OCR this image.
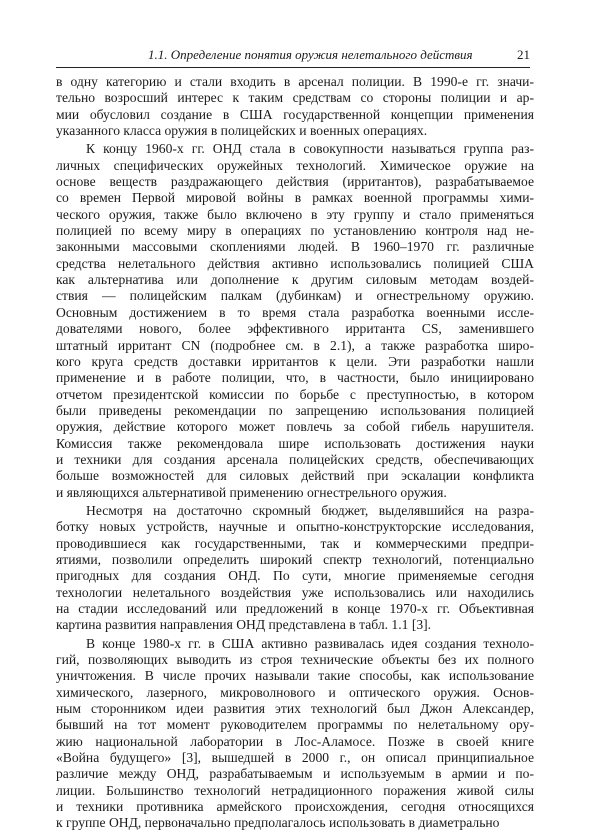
1.1. Определение понятия оружия нелетального действия	21
в одну категорию и стали входить в арсенал полиции. В 1990-е гг. значи-
тельно возросший интерес к таким средствам со стороны полиции и ар-
мии обусловил создание в США государственной концепции применения
указанного класса оружия в полицейских и военных операциях.
К концу 1960-х гг. ОНД стала в совокупности называться группа раз-
личных специфических оружейных технологий. Химическое оружие на
основе веществ раздражающего действия (ирритантов), разрабатываемое
со времен Первой мировой войны в рамках военной программы хими-
ческого оружия, также было включено в эту группу и стало применяться
полицией по всему миру в операциях по установлению контроля над не-
законными массовыми скоплениями людей. В 1960–1970 гг. различные
средства нелетального действия активно использовались полицией США
как альтернатива или дополнение к другим силовым методам воздей-
ствия — полицейским палкам (дубинкам) и огнестрельному оружию.
Основным достижением в то время стала разработка военными иссле-
дователями нового, более эффективного ирританта CS, заменившего
штатный ирритант CN (подробнее см. в 2.1), а также разработка широ-
кого круга средств доставки ирритантов к цели. Эти разработки нашли
применение и в работе полиции, что, в частности, было инициировано
отчетом президентской комиссии по борьбе с преступностью, в котором
были приведены рекомендации по запрещению использования полицией
оружия, действие которого может повлечь за собой гибель нарушителя.
Комиссия также рекомендовала шире использовать достижения науки
и техники для создания арсенала полицейских средств, обеспечивающих
больше возможностей для силовых действий при эскалации конфликта
и являющихся альтернативой применению огнестрельного оружия.
Несмотря на достаточно скромный бюджет, выделявшийся на разра-
ботку новых устройств, научные и опытно-конструкторские исследования,
проводившиеся как государственными, так и коммерческими предпри-
ятиями, позволили определить широкий спектр технологий, потенциально
пригодных для создания ОНД. По сути, многие применяемые сегодня
технологии нелетального воздействия уже использовались или находились
на стадии исследований или предложений в конце 1970-х гг. Объективная
картина развития направления ОНД представлена в табл. 1.1 [3].
В конце 1980-х гг. в США активно развивалась идея создания техноло-
гий, позволяющих выводить из строя технические объекты без их полного
уничтожения. В числе прочих называли такие способы, как использование
химического, лазерного, микроволнового и оптического оружия. Основ-
ным сторонником идеи развития этих технологий был Джон Александер,
бывший на тот момент руководителем программы по нелетальному ору-
жию национальной лаборатории в Лос-Аламосе. Позже в своей книге
«Война будущего» [3], вышедшей в 2000 г., он описал принципиальное
различие между ОНД, разрабатываемым и используемым в армии и по-
лиции. Большинство технологий нетрадиционного поражения живой силы
и техники противника армейского происхождения, сегодня относящихся
к группе ОНД, первоначально предполагалось использовать в диаметрально
